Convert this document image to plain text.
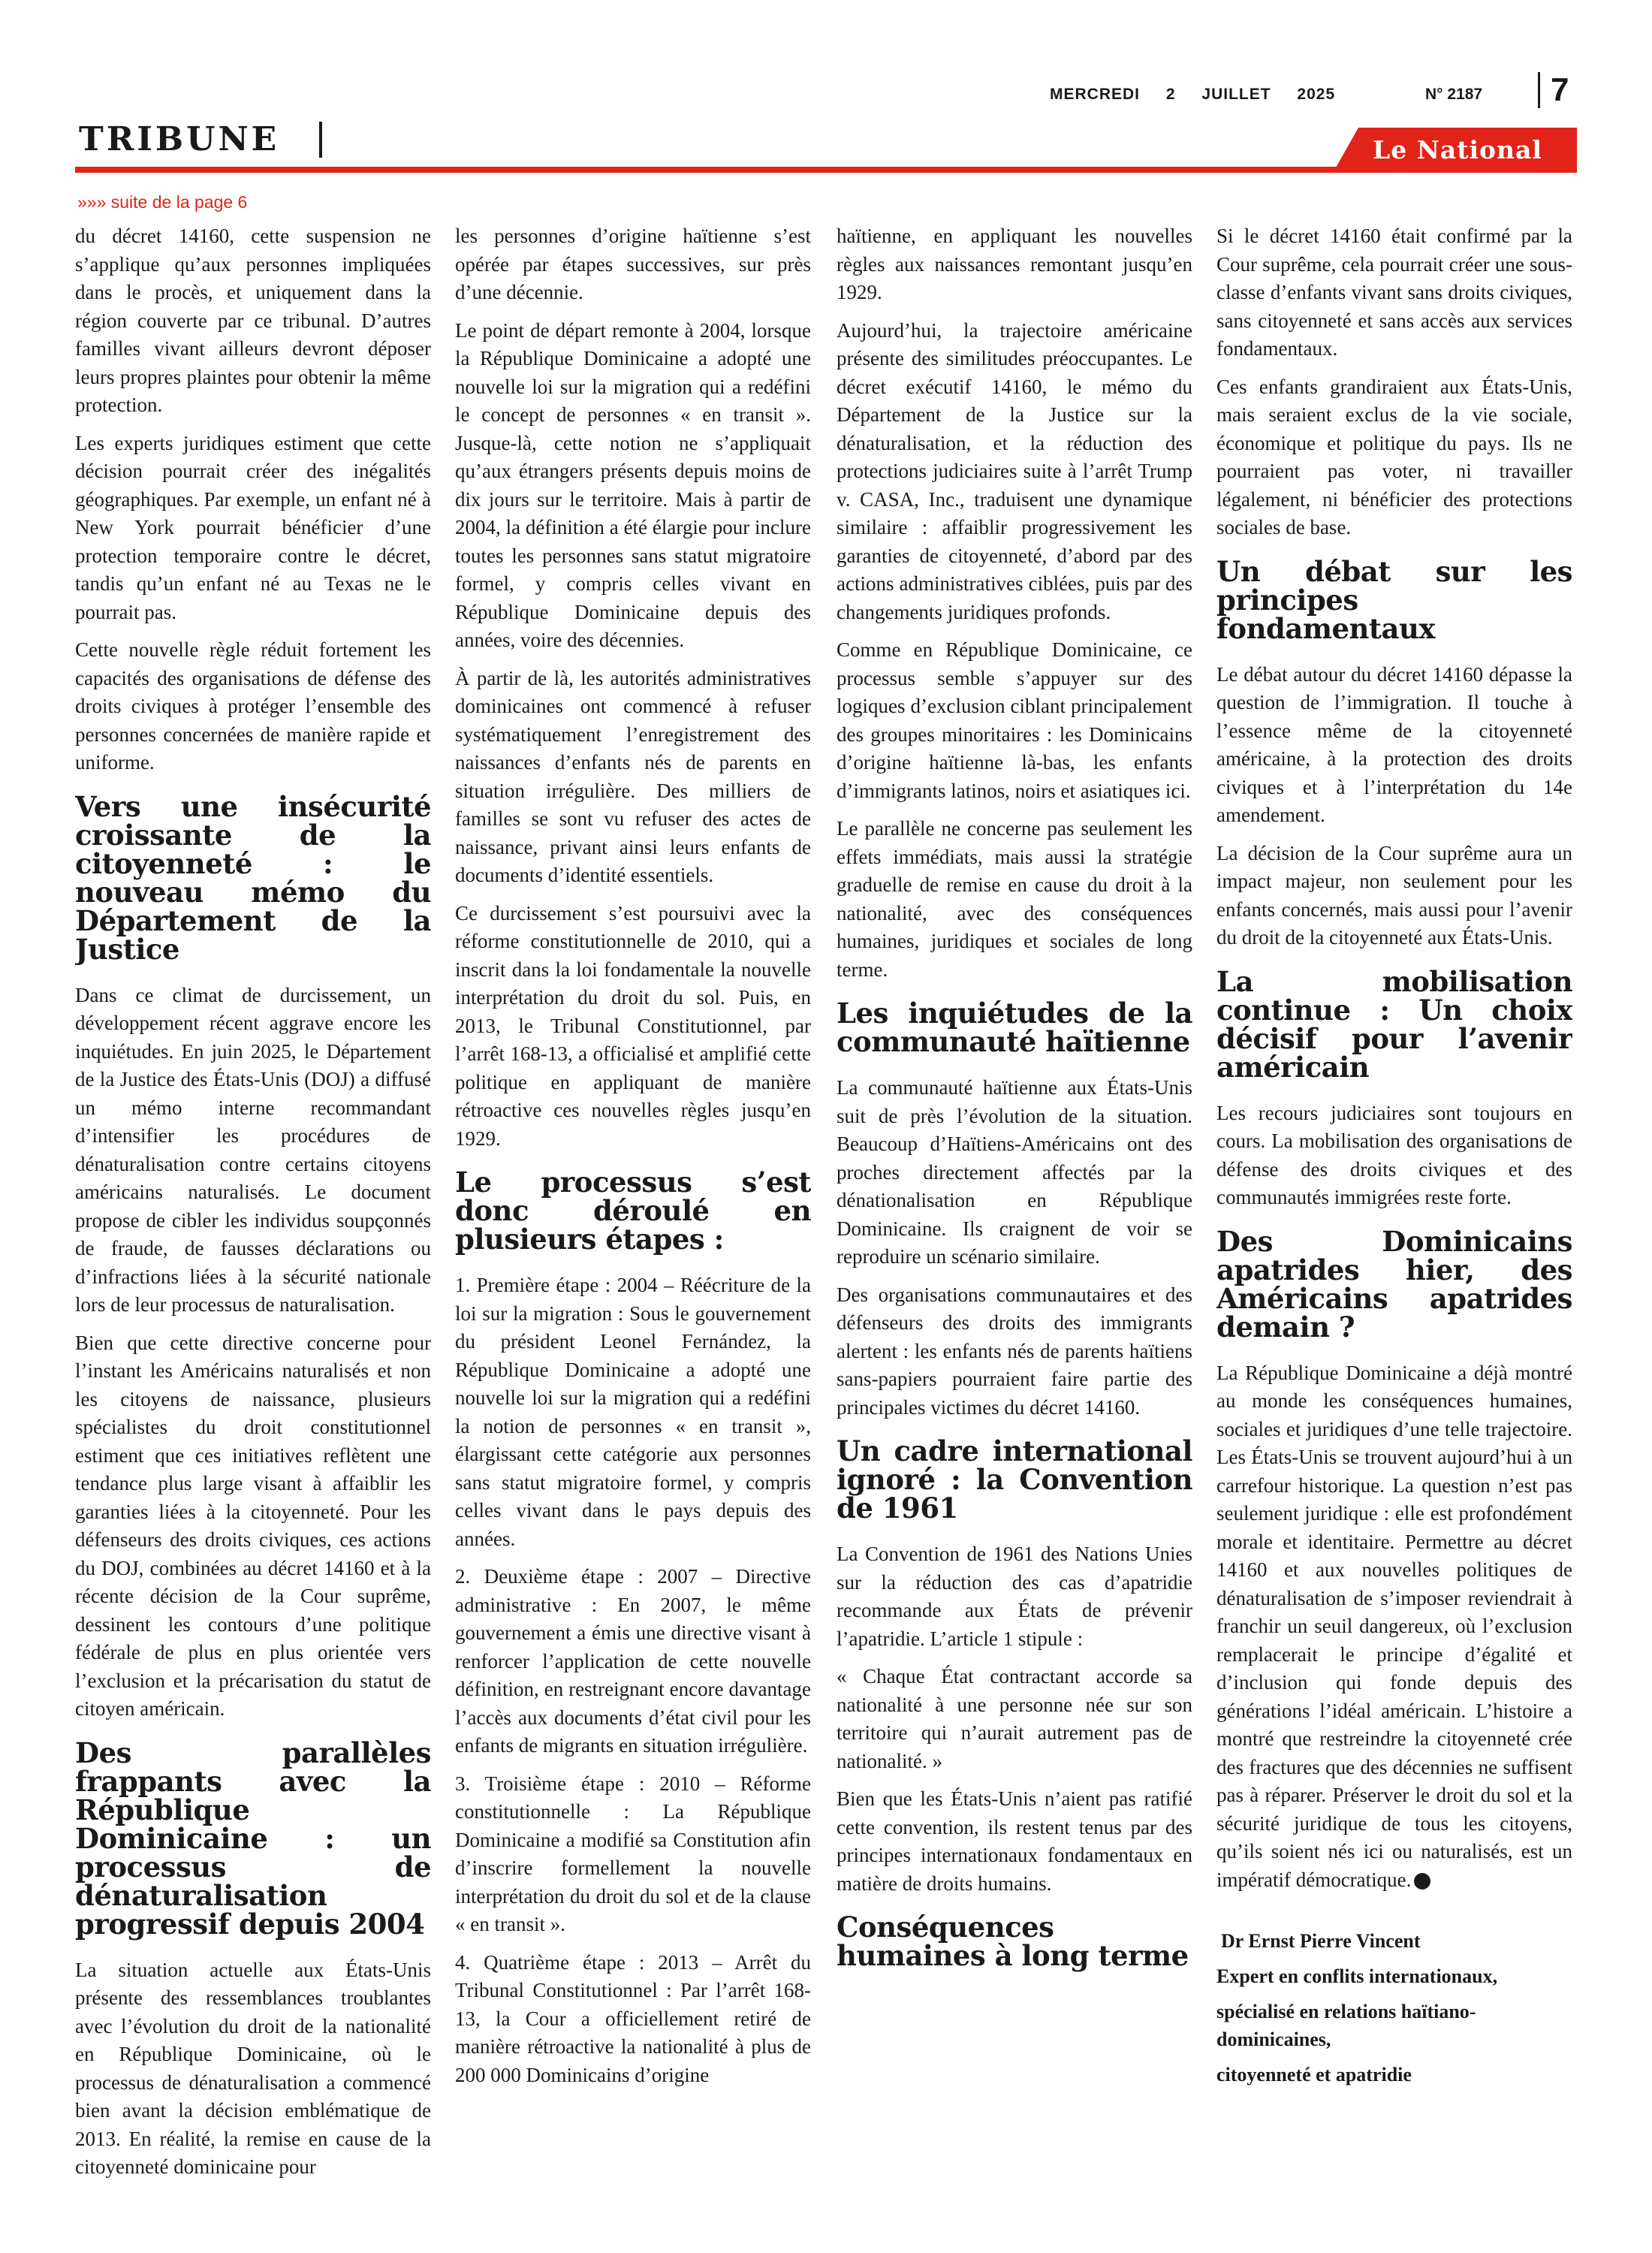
MERCREDI 2 JUILLET 2025	N° 2187	7
TRIBUNE	Le National
»»» suite de la page 6

du décret 14160, cette suspension ne s’applique qu’aux personnes impliquées dans le procès, et uniquement dans la région couverte par ce tribunal. D’autres familles vivant ailleurs devront déposer leurs propres plaintes pour obtenir la même protection.

Les experts juridiques estiment que cette décision pourrait créer des inégalités géographiques. Par exemple, un enfant né à New York pourrait bénéficier d’une protection temporaire contre le décret, tandis qu’un enfant né au Texas ne le pourrait pas.

Cette nouvelle règle réduit fortement les capacités des organisations de défense des droits civiques à protéger l’ensemble des personnes concernées de manière rapide et uniforme.

Vers une insécurité croissante de la citoyenneté : le nouveau mémo du Département de la Justice

Dans ce climat de durcissement, un développement récent aggrave encore les inquiétudes. En juin 2025, le Département de la Justice des États-Unis (DOJ) a diffusé un mémo interne recommandant d’intensifier les procédures de dénaturalisation contre certains citoyens américains naturalisés. Le document propose de cibler les individus soupçonnés de fraude, de fausses déclarations ou d’infractions liées à la sécurité nationale lors de leur processus de naturalisation.

Bien que cette directive concerne pour l’instant les Américains naturalisés et non les citoyens de naissance, plusieurs spécialistes du droit constitutionnel estiment que ces initiatives reflètent une tendance plus large visant à affaiblir les garanties liées à la citoyenneté. Pour les défenseurs des droits civiques, ces actions du DOJ, combinées au décret 14160 et à la récente décision de la Cour suprême, dessinent les contours d’une politique fédérale de plus en plus orientée vers l’exclusion et la précarisation du statut de citoyen américain.

Des parallèles frappants avec la République Dominicaine : un processus de dénaturalisation progressif depuis 2004

La situation actuelle aux États-Unis présente des ressemblances troublantes avec l’évolution du droit de la nationalité en République Dominicaine, où le processus de dénaturalisation a commencé bien avant la décision emblématique de 2013. En réalité, la remise en cause de la citoyenneté dominicaine pour

les personnes d’origine haïtienne s’est opérée par étapes successives, sur près d’une décennie.

Le point de départ remonte à 2004, lorsque la République Dominicaine a adopté une nouvelle loi sur la migration qui a redéfini le concept de personnes « en transit ». Jusque-là, cette notion ne s’appliquait qu’aux étrangers présents depuis moins de dix jours sur le territoire. Mais à partir de 2004, la définition a été élargie pour inclure toutes les personnes sans statut migratoire formel, y compris celles vivant en République Dominicaine depuis des années, voire des décennies.

À partir de là, les autorités administratives dominicaines ont commencé à refuser systématiquement l’enregistrement des naissances d’enfants nés de parents en situation irrégulière. Des milliers de familles se sont vu refuser des actes de naissance, privant ainsi leurs enfants de documents d’identité essentiels.

Ce durcissement s’est poursuivi avec la réforme constitutionnelle de 2010, qui a inscrit dans la loi fondamentale la nouvelle interprétation du droit du sol. Puis, en 2013, le Tribunal Constitutionnel, par l’arrêt 168-13, a officialisé et amplifié cette politique en appliquant de manière rétroactive ces nouvelles règles jusqu’en 1929.

Le processus s’est donc déroulé en plusieurs étapes :

1. Première étape : 2004 – Réécriture de la loi sur la migration : Sous le gouvernement du président Leonel Fernández, la République Dominicaine a adopté une nouvelle loi sur la migration qui a redéfini la notion de personnes « en transit », élargissant cette catégorie aux personnes sans statut migratoire formel, y compris celles vivant dans le pays depuis des années.

2. Deuxième étape : 2007 – Directive administrative : En 2007, le même gouvernement a émis une directive visant à renforcer l’application de cette nouvelle définition, en restreignant encore davantage l’accès aux documents d’état civil pour les enfants de migrants en situation irrégulière.

3. Troisième étape : 2010 – Réforme constitutionnelle : La République Dominicaine a modifié sa Constitution afin d’inscrire formellement la nouvelle interprétation du droit du sol et de la clause « en transit ».

4. Quatrième étape : 2013 – Arrêt du Tribunal Constitutionnel : Par l’arrêt 168-13, la Cour a officiellement retiré de manière rétroactive la nationalité à plus de 200 000 Dominicains d’origine

haïtienne, en appliquant les nouvelles règles aux naissances remontant jusqu’en 1929.

Aujourd’hui, la trajectoire américaine présente des similitudes préoccupantes. Le décret exécutif 14160, le mémo du Département de la Justice sur la dénaturalisation, et la réduction des protections judiciaires suite à l’arrêt Trump v. CASA, Inc., traduisent une dynamique similaire : affaiblir progressivement les garanties de citoyenneté, d’abord par des actions administratives ciblées, puis par des changements juridiques profonds.

Comme en République Dominicaine, ce processus semble s’appuyer sur des logiques d’exclusion ciblant principalement des groupes minoritaires : les Dominicains d’origine haïtienne là-bas, les enfants d’immigrants latinos, noirs et asiatiques ici.

Le parallèle ne concerne pas seulement les effets immédiats, mais aussi la stratégie graduelle de remise en cause du droit à la nationalité, avec des conséquences humaines, juridiques et sociales de long terme.

Les inquiétudes de la communauté haïtienne

La communauté haïtienne aux États-Unis suit de près l’évolution de la situation. Beaucoup d’Haïtiens-Américains ont des proches directement affectés par la dénationalisation en République Dominicaine. Ils craignent de voir se reproduire un scénario similaire.

Des organisations communautaires et des défenseurs des droits des immigrants alertent : les enfants nés de parents haïtiens sans-papiers pourraient faire partie des principales victimes du décret 14160.

Un cadre international ignoré : la Convention de 1961

La Convention de 1961 des Nations Unies sur la réduction des cas d’apatridie recommande aux États de prévenir l’apatridie. L’article 1 stipule :

« Chaque État contractant accorde sa nationalité à une personne née sur son territoire qui n’aurait autrement pas de nationalité. »

Bien que les États-Unis n’aient pas ratifié cette convention, ils restent tenus par des principes internationaux fondamentaux en matière de droits humains.

Conséquences humaines à long terme

Si le décret 14160 était confirmé par la Cour suprême, cela pourrait créer une sous-classe d’enfants vivant sans droits civiques, sans citoyenneté et sans accès aux services fondamentaux.

Ces enfants grandiraient aux États-Unis, mais seraient exclus de la vie sociale, économique et politique du pays. Ils ne pourraient pas voter, ni travailler légalement, ni bénéficier des protections sociales de base.

Un débat sur les principes fondamentaux

Le débat autour du décret 14160 dépasse la question de l’immigration. Il touche à l’essence même de la citoyenneté américaine, à la protection des droits civiques et à l’interprétation du 14e amendement.

La décision de la Cour suprême aura un impact majeur, non seulement pour les enfants concernés, mais aussi pour l’avenir du droit de la citoyenneté aux États-Unis.

La mobilisation continue : Un choix décisif pour l’avenir américain

Les recours judiciaires sont toujours en cours. La mobilisation des organisations de défense des droits civiques et des communautés immigrées reste forte.

Des Dominicains apatrides hier, des Américains apatrides demain ?

La République Dominicaine a déjà montré au monde les conséquences humaines, sociales et juridiques d’une telle trajectoire. Les États-Unis se trouvent aujourd’hui à un carrefour historique. La question n’est pas seulement juridique : elle est profondément morale et identitaire. Permettre au décret 14160 et aux nouvelles politiques de dénaturalisation de s’imposer reviendrait à franchir un seuil dangereux, où l’exclusion remplacerait le principe d’égalité et d’inclusion qui fonde depuis des générations l’idéal américain. L’histoire a montré que restreindre la citoyenneté crée des fractures que des décennies ne suffisent pas à réparer. Préserver le droit du sol et la sécurité juridique de tous les citoyens, qu’ils soient nés ici ou naturalisés, est un impératif démocratique.

Dr Ernst Pierre Vincent
Expert en conflits internationaux,
spécialisé en relations haïtiano-dominicaines,
citoyenneté et apatridie
